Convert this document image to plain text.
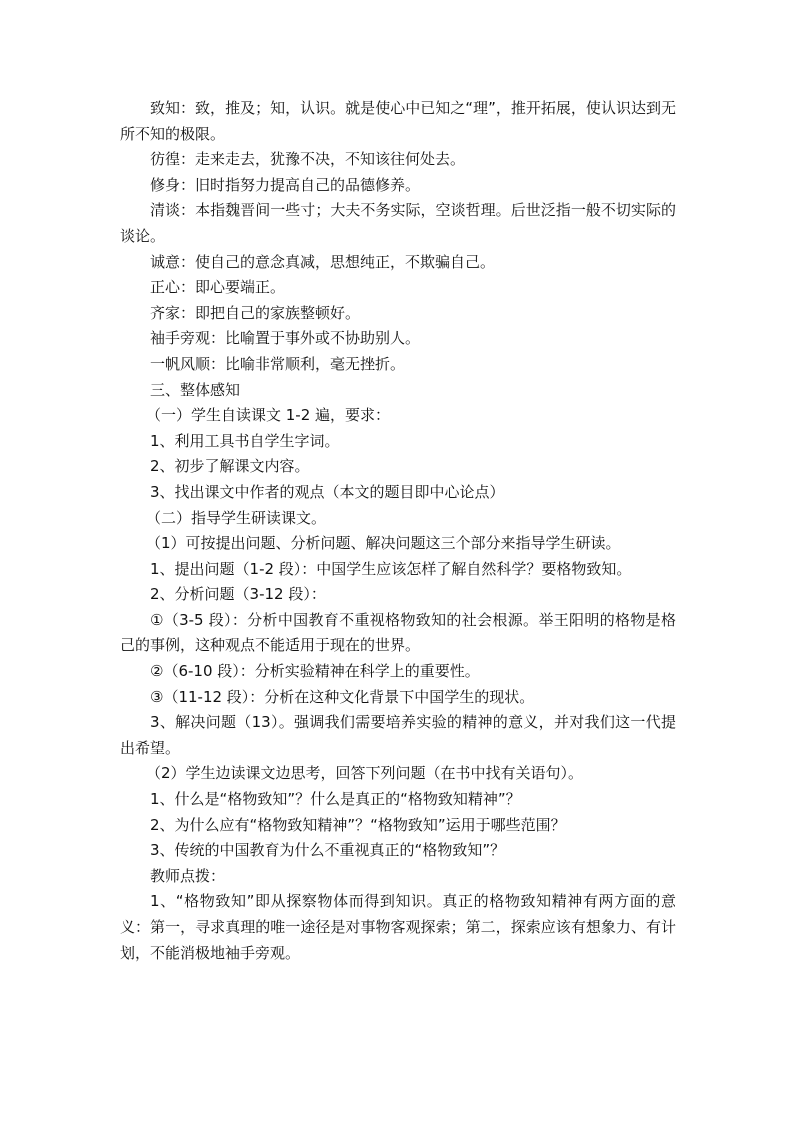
致知：致，推及；知，认识。就是使心中已知之“理”，推开拓展，使认识达到无所不知的极限。

彷徨：走来走去，犹豫不决，不知该往何处去。

修身：旧时指努力提高自己的品德修养。

清谈：本指魏晋间一些寸；大夫不务实际，空谈哲理。后世泛指一般不切实际的谈论。

诚意：使自己的意念真减，思想纯正，不欺骗自己。

正心：即心要端正。

齐家：即把自己的家族整顿好。

袖手旁观：比喻置于事外或不协助别人。

一帆风顺：比喻非常顺利，毫无挫折。

三、整体感知

（一）学生自读课文 1-2 遍，要求：

1、利用工具书自学生字词。

2、初步了解课文内容。

3、找出课文中作者的观点（本文的题目即中心论点）

（二）指导学生研读课文。

（1）可按提出问题、分析问题、解决问题这三个部分来指导学生研读。

1、提出问题（1-2 段）：中国学生应该怎样了解自然科学？要格物致知。

2、分析问题（3-12 段）：

①（3-5 段）：分析中国教育不重视格物致知的社会根源。举王阳明的格物是格己的事例，这种观点不能适用于现在的世界。

②（6-10 段）：分析实验精神在科学上的重要性。

③（11-12 段）：分析在这种文化背景下中国学生的现状。

3、解决问题（13）。强调我们需要培养实验的精神的意义，并对我们这一代提出希望。

（2）学生边读课文边思考，回答下列问题（在书中找有关语句）。

1、什么是“格物致知”？什么是真正的“格物致知精神”？

2、为什么应有“格物致知精神”？“格物致知”运用于哪些范围？

3、传统的中国教育为什么不重视真正的“格物致知”？

教师点拨：

1、“格物致知”即从探察物体而得到知识。真正的格物致知精神有两方面的意义：第一，寻求真理的唯一途径是对事物客观探索；第二，探索应该有想象力、有计划，不能消极地袖手旁观。
